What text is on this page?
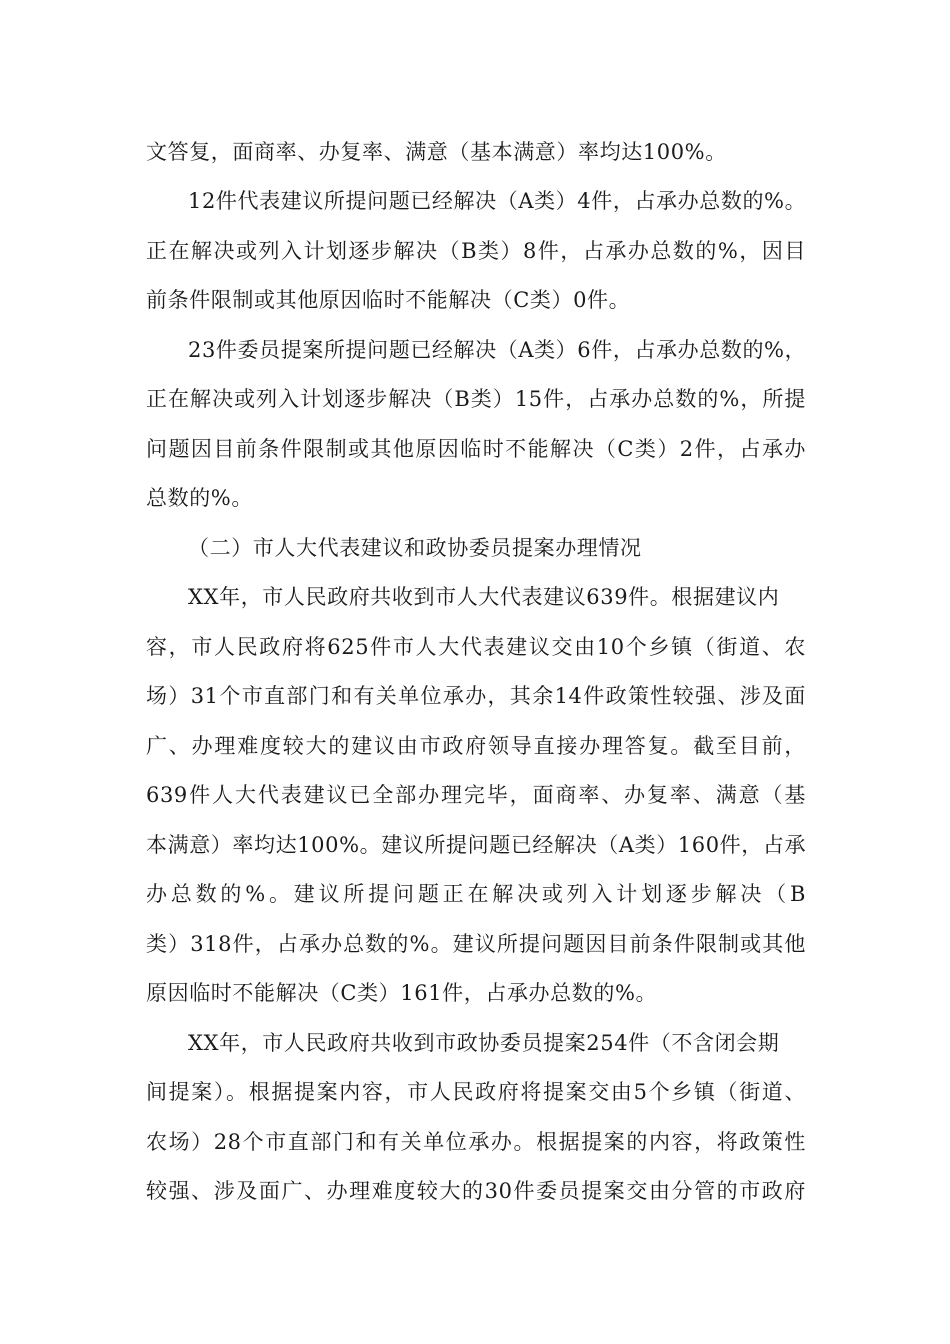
文答复，面商率、办复率、满意（基本满意）率均达100%。

12件代表建议所提问题已经解决（A类）4件，占承办总数的%。

正在解决或列入计划逐步解决（B类）8件，占承办总数的%，因目

前条件限制或其他原因临时不能解决（C类）0件。

23件委员提案所提问题已经解决（A类）6件，占承办总数的%，

正在解决或列入计划逐步解决（B类）15件，占承办总数的%，所提

问题因目前条件限制或其他原因临时不能解决（C类）2件，占承办

总数的%。

（二）市人大代表建议和政协委员提案办理情况

XX年，市人民政府共收到市人大代表建议639件。根据建议内

容，市人民政府将625件市人大代表建议交由10个乡镇（街道、农

场）31个市直部门和有关单位承办，其余14件政策性较强、涉及面

广、办理难度较大的建议由市政府领导直接办理答复。截至目前，

639件人大代表建议已全部办理完毕，面商率、办复率、满意（基

本满意）率均达100%。建议所提问题已经解决（A类）160件，占承

办总数的%。建议所提问题正在解决或列入计划逐步解决（B

类）318件，占承办总数的%。建议所提问题因目前条件限制或其他

原因临时不能解决（C类）161件，占承办总数的%。

XX年，市人民政府共收到市政协委员提案254件（不含闭会期

间提案）。根据提案内容，市人民政府将提案交由5个乡镇（街道、

农场）28个市直部门和有关单位承办。根据提案的内容，将政策性

较强、涉及面广、办理难度较大的30件委员提案交由分管的市政府
